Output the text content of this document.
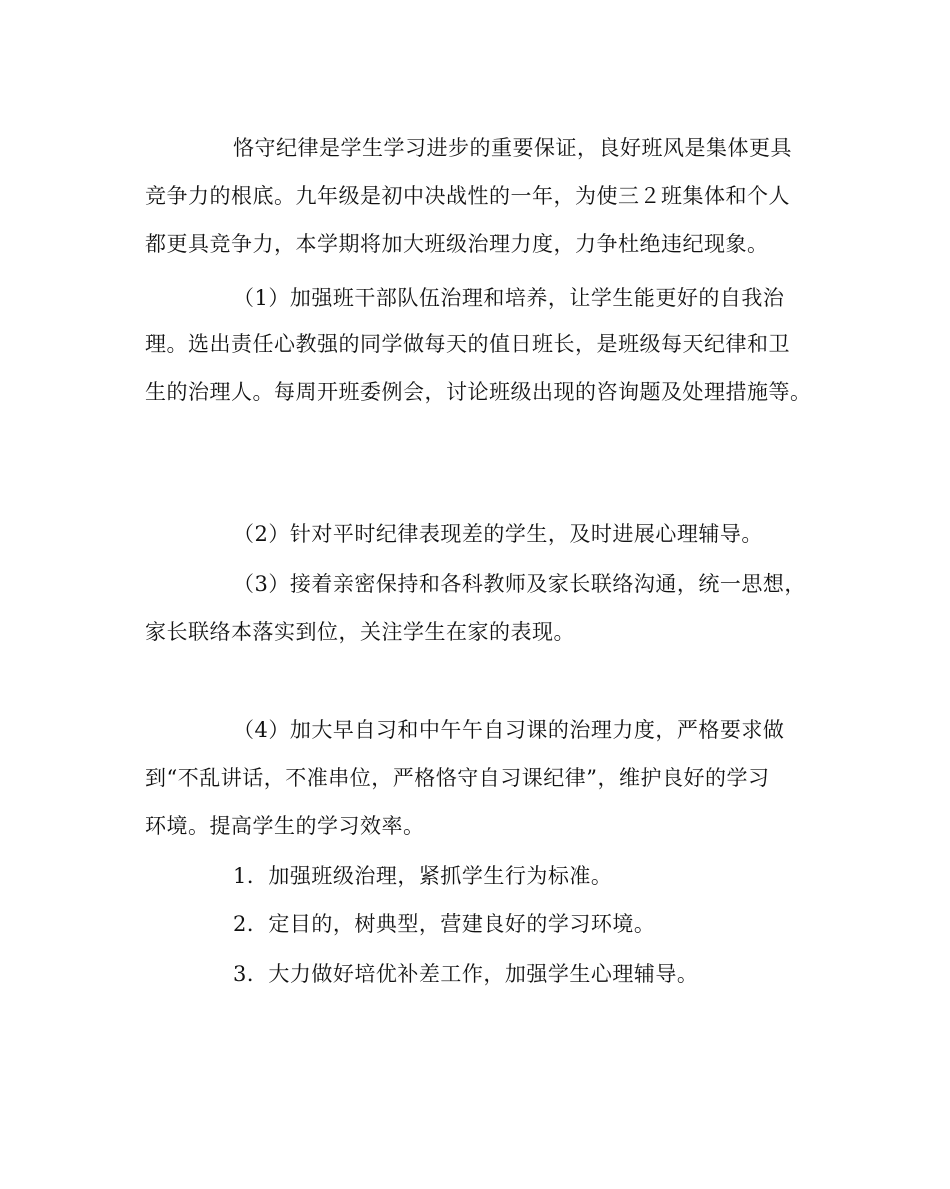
恪守纪律是学生学习进步的重要保证，良好班风是集体更具
竞争力的根底。九年级是初中决战性的一年，为使三２班集体和个人
都更具竞争力，本学期将加大班级治理力度，力争杜绝违纪现象。
（1）加强班干部队伍治理和培养，让学生能更好的自我治
理。选出责任心教强的同学做每天的值日班长，是班级每天纪律和卫
生的治理人。每周开班委例会，讨论班级出现的咨询题及处理措施等。
（2）针对平时纪律表现差的学生，及时进展心理辅导。
（3）接着亲密保持和各科教师及家长联络沟通，统一思想，
家长联络本落实到位，关注学生在家的表现。
（4）加大早自习和中午午自习课的治理力度，严格要求做
到“不乱讲话，不准串位，严格恪守自习课纪律”，维护良好的学习
环境。提高学生的学习效率。
1．加强班级治理，紧抓学生行为标准。
2．定目的，树典型，营建良好的学习环境。
3．大力做好培优补差工作，加强学生心理辅导。
